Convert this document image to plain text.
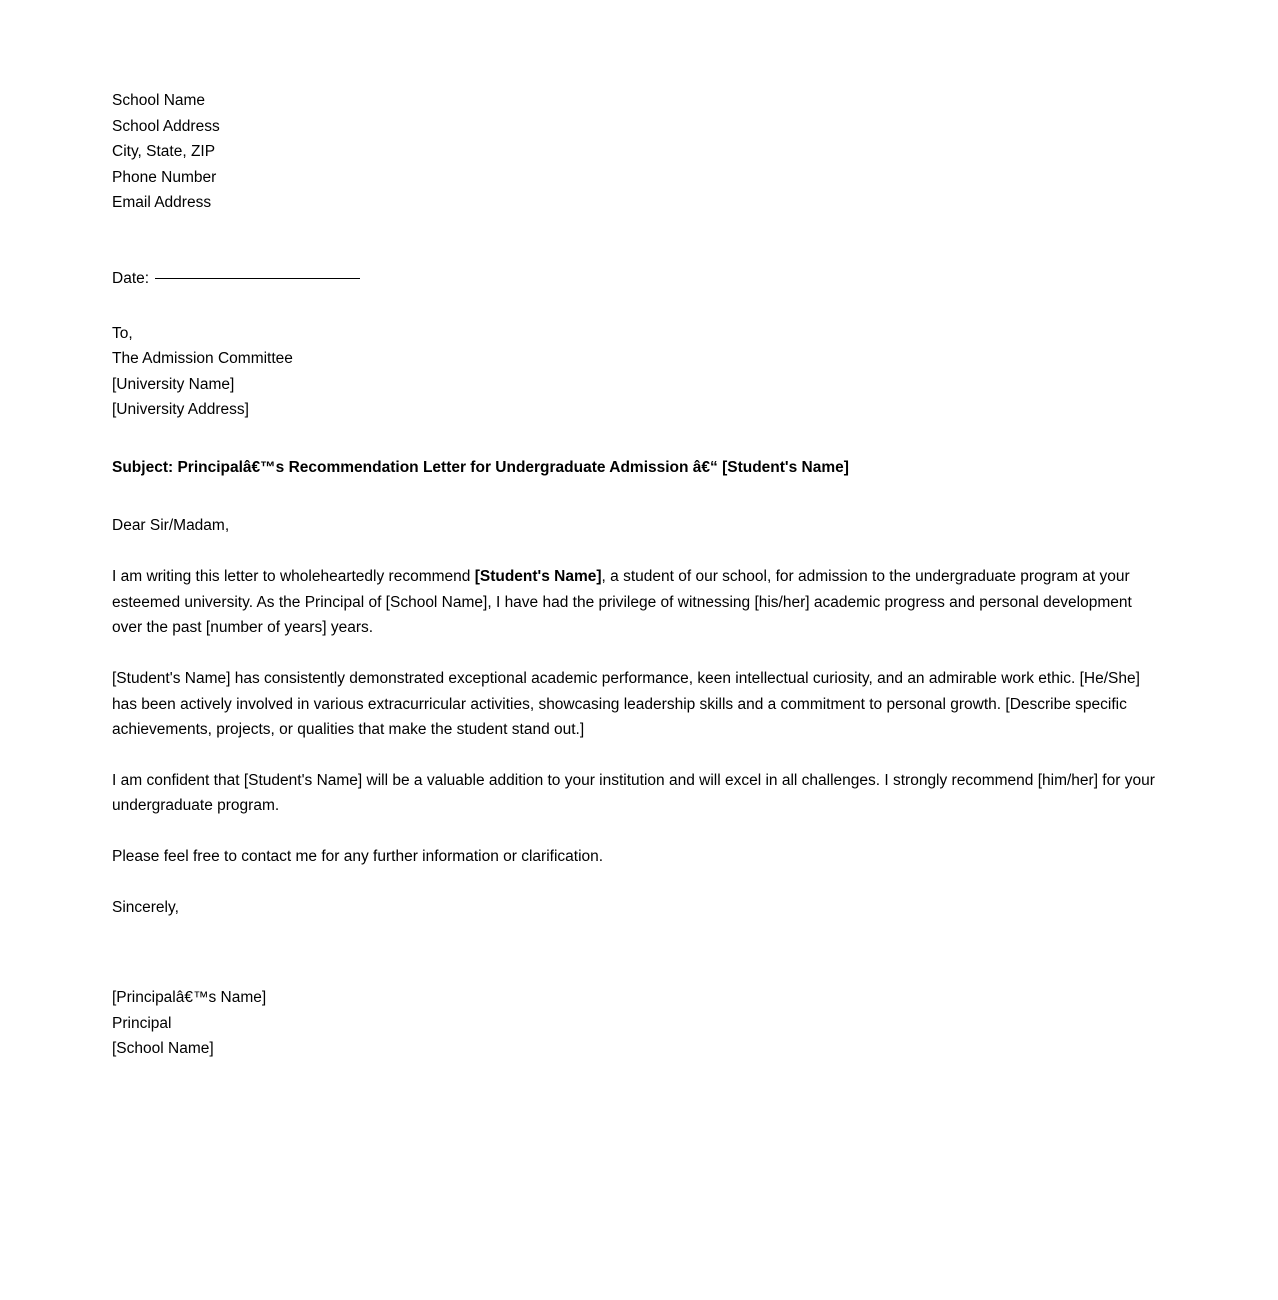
School Name
School Address
City, State, ZIP
Phone Number
Email Address
Date:
To,
The Admission Committee
[University Name]
[University Address]
Subject: Principalâ€™s Recommendation Letter for Undergraduate Admission â€“ [Student's Name]
Dear Sir/Madam,
I am writing this letter to wholeheartedly recommend [Student's Name], a student of our school, for admission to the undergraduate program at your esteemed university. As the Principal of [School Name], I have had the privilege of witnessing [his/her] academic progress and personal development over the past [number of years] years.
[Student's Name] has consistently demonstrated exceptional academic performance, keen intellectual curiosity, and an admirable work ethic. [He/She] has been actively involved in various extracurricular activities, showcasing leadership skills and a commitment to personal growth. [Describe specific achievements, projects, or qualities that make the student stand out.]
I am confident that [Student's Name] will be a valuable addition to your institution and will excel in all challenges. I strongly recommend [him/her] for your undergraduate program.
Please feel free to contact me for any further information or clarification.
Sincerely,
[Principalâ€™s Name]
Principal
[School Name]
